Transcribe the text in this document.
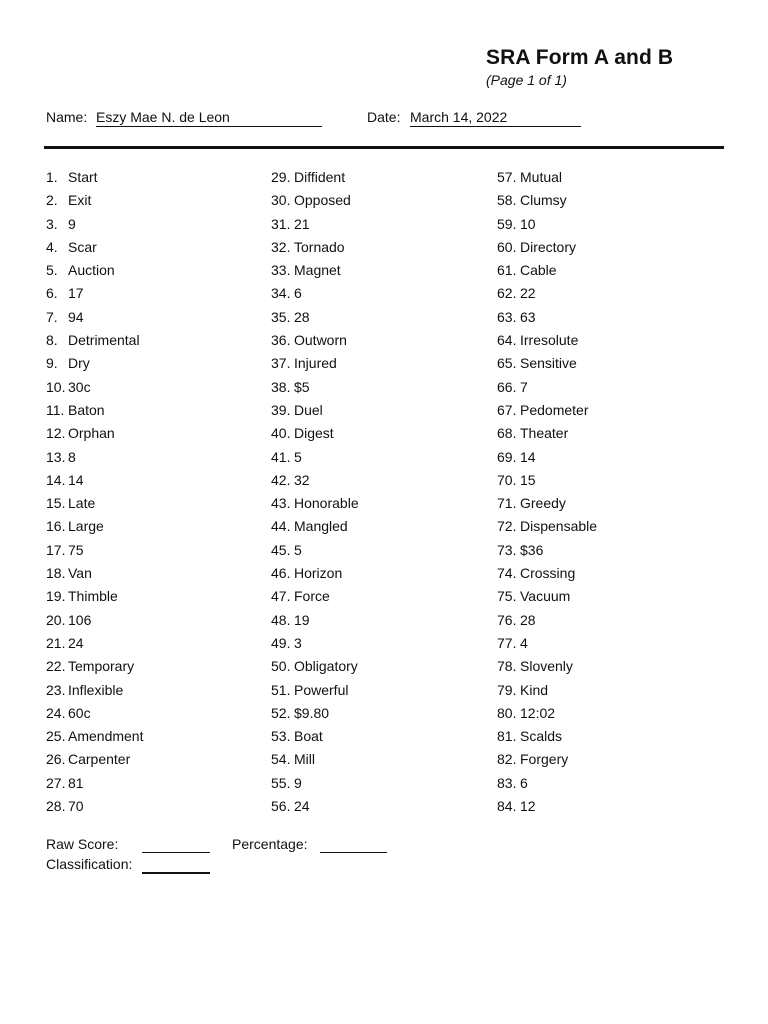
SRA Form A and B
(Page 1 of 1)
Name: Eszy Mae N. de Leon	Date: March 14, 2022
1. Start
2. Exit
3. 9
4. Scar
5. Auction
6. 17
7. 94
8. Detrimental
9. Dry
10. 30c
11. Baton
12. Orphan
13. 8
14. 14
15. Late
16. Large
17. 75
18. Van
19. Thimble
20. 106
21. 24
22. Temporary
23. Inflexible
24. 60c
25. Amendment
26. Carpenter
27. 81
28. 70
29. Diffident
30. Opposed
31. 21
32. Tornado
33. Magnet
34. 6
35. 28
36. Outworn
37. Injured
38. $5
39. Duel
40. Digest
41. 5
42. 32
43. Honorable
44. Mangled
45. 5
46. Horizon
47. Force
48. 19
49. 3
50. Obligatory
51. Powerful
52. $9.80
53. Boat
54. Mill
55. 9
56. 24
57. Mutual
58. Clumsy
59. 10
60. Directory
61. Cable
62. 22
63. 63
64. Irresolute
65. Sensitive
66. 7
67. Pedometer
68. Theater
69. 14
70. 15
71. Greedy
72. Dispensable
73. $36
74. Crossing
75. Vacuum
76. 28
77. 4
78. Slovenly
79. Kind
80. 12:02
81. Scalds
82. Forgery
83. 6
84. 12
Raw Score:	Percentage:
Classification:
